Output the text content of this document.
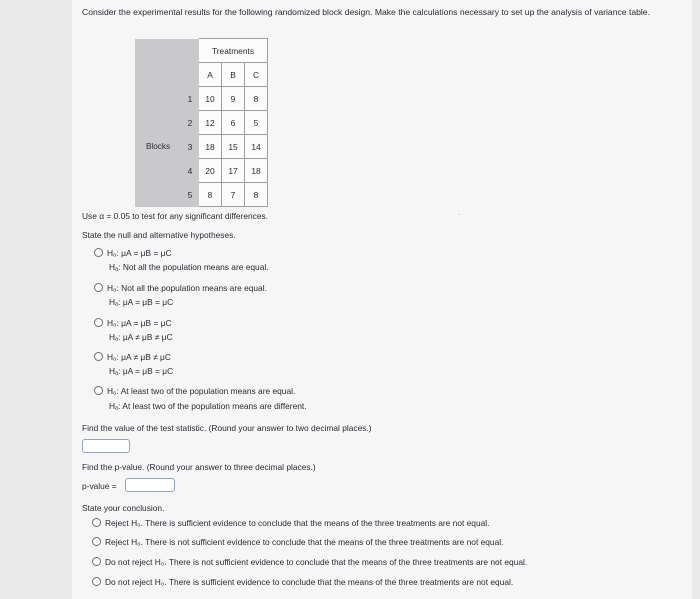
Consider the experimental results for the following randomized block design. Make the calculations necessary to set up the analysis of variance table.
		Treatments		
		A	B	C
	1	10	9	8
	2	12	6	5
Blocks	3	18	15	14
	4	20	17	18
	5	8	7	8
Use α = 0.05 to test for any significant differences.
State the null and alternative hypotheses.
H₀: μA = μB = μC
Hₐ: Not all the population means are equal.
H₀: Not all the population means are equal.
Hₐ: μA = μB = μC
H₀: μA = μB = μC
Hₐ: μA ≠ μB ≠ μC
H₀: μA ≠ μB ≠ μC
Hₐ: μA = μB = μC
H₀: At least two of the population means are equal.
Hₐ: At least two of the population means are different.
·
Find the value of the test statistic. (Round your answer to two decimal places.)
Find the p-value. (Round your answer to three decimal places.)
p-value =
State your conclusion.
Reject H₀. There is sufficient evidence to conclude that the means of the three treatments are not equal.
Reject H₀. There is not sufficient evidence to conclude that the means of the three treatments are not equal.
Do not reject H₀. There is not sufficient evidence to conclude that the means of the three treatments are not equal.
Do not reject H₀. There is sufficient evidence to conclude that the means of the three treatments are not equal.
